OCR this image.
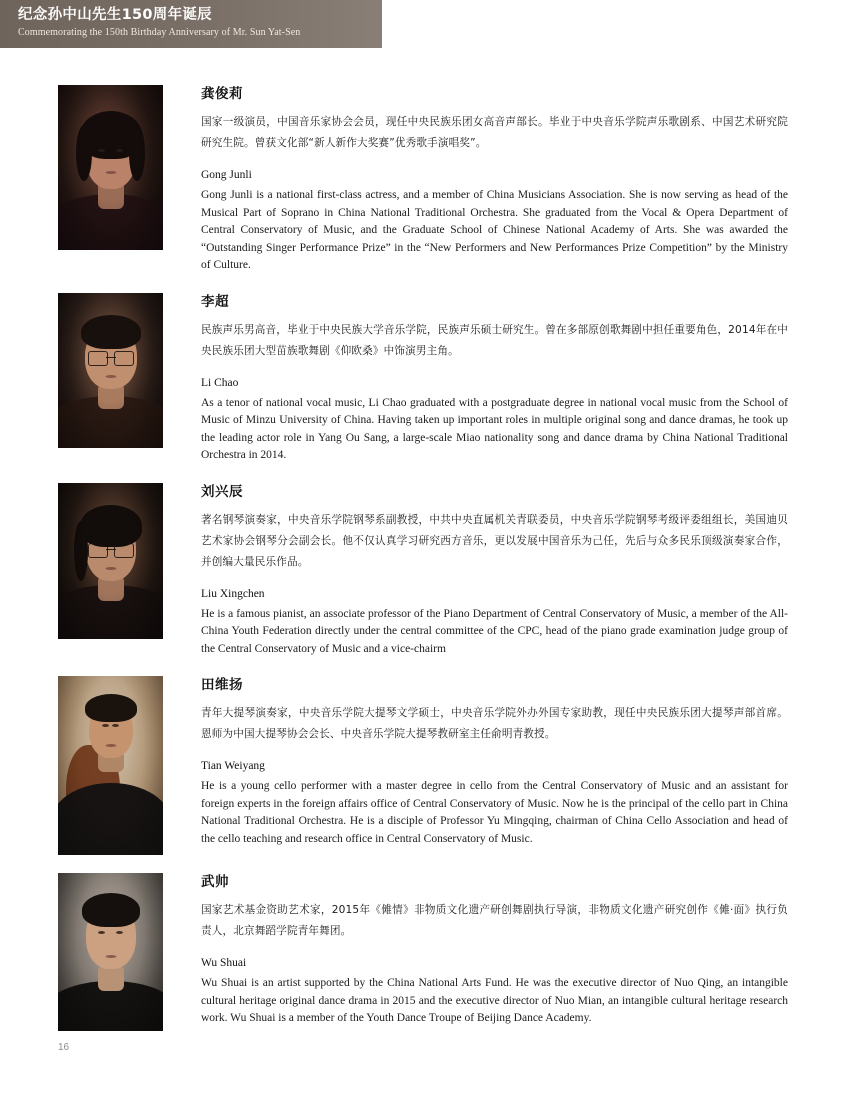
纪念孙中山先生150周年诞辰
Commemorating the 150th Birthday Anniversary of Mr. Sun Yat-Sen
龚俊莉
国家一级演员，中国音乐家协会会员，现任中央民族乐团女高音声部长。毕业于中央音乐学院声乐歌剧系、中国艺术研究院研究生院。曾获文化部“新人新作大奖赛”优秀歌手演唱奖”。
Gong Junli
Gong Junli is a national first-class actress, and a member of China Musicians Association. She is now serving as head of the Musical Part of Soprano in China National Traditional Orchestra. She graduated from the Vocal & Opera Department of Central Conservatory of Music, and the Graduate School of Chinese National Academy of Arts. She was awarded the “Outstanding Singer Performance Prize” in the “New Performers and New Performances Prize Competition” by the Ministry of Culture.
李超
民族声乐男高音，毕业于中央民族大学音乐学院，民族声乐硕士研究生。曾在多部原创歌舞剧中担任重要角色，2014年在中央民族乐团大型苗族歌舞剧《仰欧桑》中饰演男主角。
Li Chao
As a tenor of national vocal music, Li Chao graduated with a postgraduate degree in national vocal music from the School of Music of Minzu University of China. Having taken up important roles in multiple original song and dance dramas, he took up the leading actor role in Yang Ou Sang, a large-scale Miao nationality song and dance drama by China National Traditional Orchestra in 2014.
刘兴辰
著名钢琴演奏家，中央音乐学院钢琴系副教授，中共中央直属机关青联委员，中央音乐学院钢琴考级评委组组长，美国迪贝艺术家协会钢琴分会副会长。他不仅认真学习研究西方音乐，更以发展中国音乐为己任，先后与众多民乐顶级演奏家合作，并创编大量民乐作品。
Liu Xingchen
He is a famous pianist, an associate professor of the Piano Department of Central Conservatory of Music, a member of the All-China Youth Federation directly under the central committee of the CPC, head of the piano grade examination judge group of the Central Conservatory of Music and a vice-chairm
田维扬
青年大提琴演奏家，中央音乐学院大提琴文学硕士，中央音乐学院外办外国专家助教，现任中央民族乐团大提琴声部首席。恩师为中国大提琴协会会长、中央音乐学院大提琴教研室主任俞明青教授。
Tian Weiyang
He is a young cello performer with a master degree in cello from the Central Conservatory of Music and an assistant for foreign experts in the foreign affairs office of Central Conservatory of Music. Now he is the principal of the cello part in China National Traditional Orchestra. He is a disciple of Professor Yu Mingqing, chairman of China Cello Association and head of the cello teaching and research office in Central Conservatory of Music.
武帅
国家艺术基金资助艺术家，2015年《傩情》非物质文化遗产研创舞剧执行导演，非物质文化遗产研究创作《傩·面》执行负责人，北京舞蹈学院青年舞团。
Wu Shuai
Wu Shuai is an artist supported by the China National Arts Fund. He was the executive director of Nuo Qing, an intangible cultural heritage original dance drama in 2015 and the executive director of Nuo Mian, an intangible cultural heritage research work. Wu Shuai is a member of the Youth Dance Troupe of Beijing Dance Academy.
16
